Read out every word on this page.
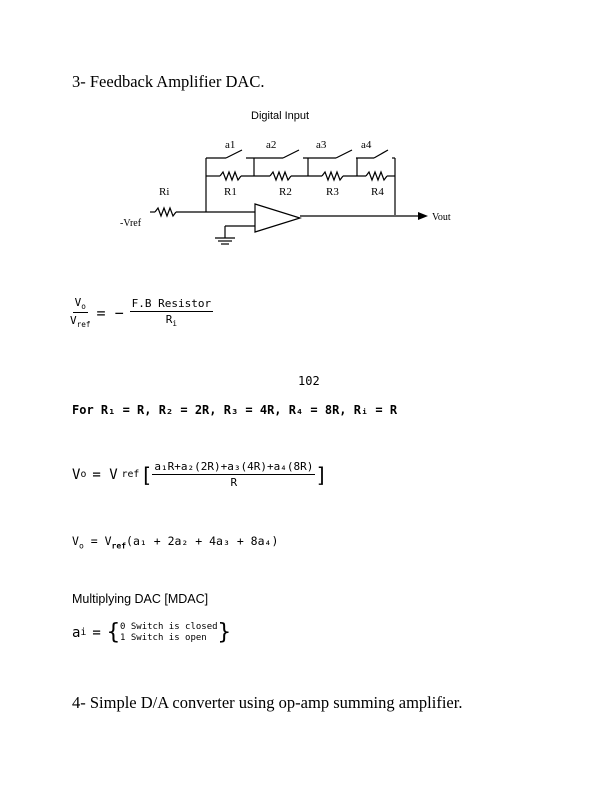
3- Feedback Amplifier DAC.
Digital Input
a1	a2	a3	a4
R1	R2	R3	R4
Ri
-Vref
Vout
$\frac{V_o}{V_{ref}}$ = − $\frac{\text{F.B Resistor}}{R_i}$
102
For R₁ = R, R₂ = 2R, R₃ = 4R, R₄ = 8R, Rᵢ = R
V o = V ref [ $\frac{\text{a₁R+a₂(2R)+a₃(4R)+a₄(8R)}}{R}$ ]
$V_o = V_{ref}(a_1 + 2a_2 + 4a_3 + 8a_4)$
Multiplying DAC [MDAC]
a i = { 0 Switch is closed
1 Switch is open }
4- Simple D/A converter using op-amp summing amplifier.
